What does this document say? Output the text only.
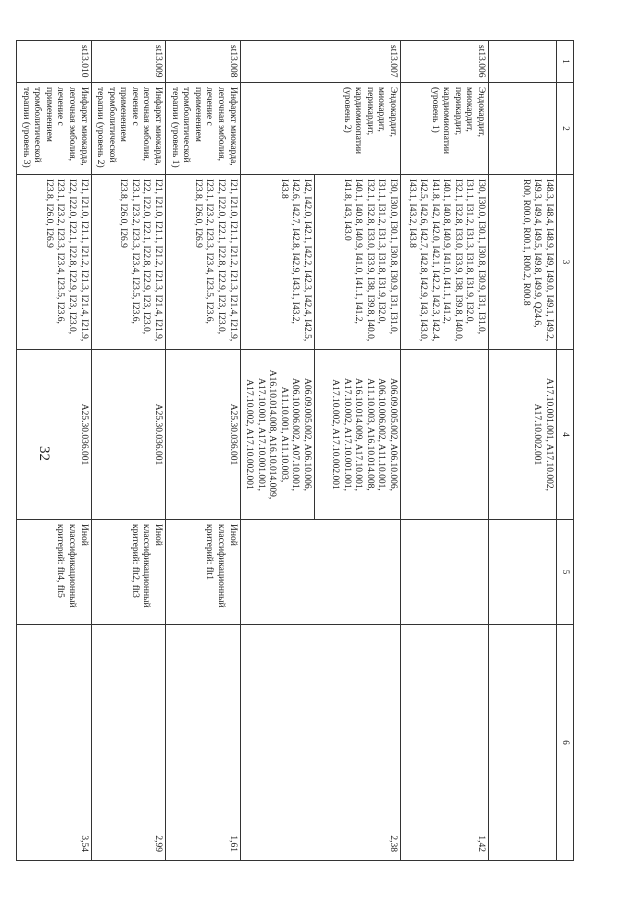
32
1	2	3	4	5	6
		I48.3, I48.4, I48.9, I49, I49.0, I49.1, I49.2, I49.3, I49.4, I49.5, I49.8, I49.9, Q24.6, R00, R00.0, R00.1, R00.2, R00.8	A17.10.001.001, A17.10.002, A17.10.002.001		
st13.006	Эндокардит, миокардит, перикардит, кардиомиопатии (уровень 1)	I30, I30.0, I30.1, I30.8, I30.9, I31, I31.0, I31.1, I31.2, I31.3, I31.8, I31.9, I32.0, I32.1, I32.8, I33.0, I33.9, I38, I39.8, I40.0, I40.1, I40.8, I40.9, I41.0, I41.1, I41.2, I41.8, I42, I42.0, I42.1, I42.2, I42.3, I42.4, I42.5, I42.6, I42.7, I42.8, I42.9, I43, I43.0, I43.1, I43.2, I43.8			1,42
st13.007	Эндокардит, миокардит, перикардит, кардиомиопатии (уровень 2)	I30, I30.0, I30.1, I30.8, I30.9, I31, I31.0, I31.1, I31.2, I31.3, I31.8, I31.9, I32.0, I32.1, I32.8, I33.0, I33.9, I38, I39.8, I40.0, I40.1, I40.8, I40.9, I41.0, I41.1, I41.2, I41.8, I43, I43.0	A06.09.005.002, A06.10.006, A06.10.006.002, A11.10.001, A11.10.003, A16.10.014.008, A16.10.014.009, A17.10.001, A17.10.002, A17.10.001.001, A17.10.002, A17.10.002.001		2,38
		I42, I42.0, I42.1, I42.2, I42.3, I42.4, I42.5, I42.6, I42.7, I42.8, I42.9, I43.1, I43.2, I43.8	A06.09.005.002, A06.10.006, A06.10.006.002, A07.10.001, A11.10.001, A11.10.003, A16.10.014.008, A16.10.014.009, A17.10.001, A17.10.001.001, A17.10.002, A17.10.002.001		
st13.008	Инфаркт миокарда, легочная эмболия, лечение с применением тромболитической терапии (уровень 1)	I21, I21.0, I21.1, I21.2, I21.3, I21.4, I21.9, I22, I22.0, I22.1, I22.8, I22.9, I23, I23.0, I23.1, I23.2, I23.3, I23.4, I23.5, I23.6, I23.8, I26.0, I26.9	A25.30.036.001	Иной классификационный критерий: flt1	1,61
st13.009	Инфаркт миокарда, легочная эмболия, лечение с применением тромболитической терапии (уровень 2)	I21, I21.0, I21.1, I21.2, I21.3, I21.4, I21.9, I22, I22.0, I22.1, I22.8, I22.9, I23, I23.0, I23.1, I23.2, I23.3, I23.4, I23.5, I23.6, I23.8, I26.0, I26.9	A25.30.036.001	Иной классификационный критерий: flt2, flt3	2,99
st13.010	Инфаркт миокарда, легочная эмболия, лечение с применением тромболитической терапии (уровень 3)	I21, I21.0, I21.1, I21.2, I21.3, I21.4, I21.9, I22, I22.0, I22.1, I22.8, I22.9, I23, I23.0, I23.1, I23.2, I23.3, I23.4, I23.5, I23.6, I23.8, I26.0, I26.9	A25.30.036.001	Иной классификационный критерий: flt4, flt5	3,54
